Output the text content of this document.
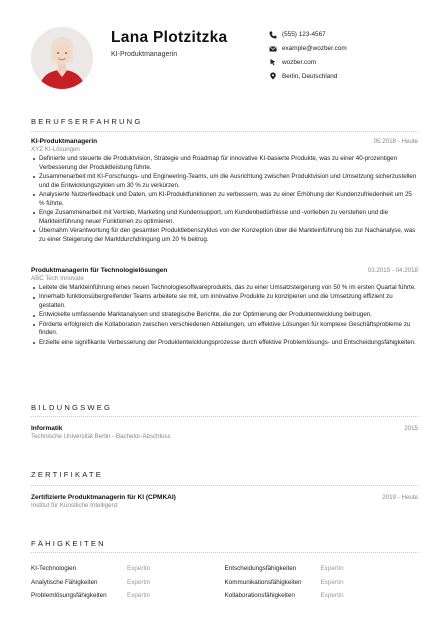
Lana Plotzitzka
KI-Produktmanagerin
(555) 123-4567
example@wozber.com
wozber.com
Berlin, Deutschland
BERUFSERFAHRUNG
KI-Produktmanagerin	05.2018 - Heute
XYZ KI-Lösungen
Definierte und steuerte die Produktvision, Strategie und Roadmap für innovative KI-basierte Produkte, was zu einer 40-prozentigen Verbesserung der Produktleistung führte.
Zusammenarbeit mit KI-Forschungs- und Engineering-Teams, um die Ausrichtung zwischen Produktvision und Umsetzung sicherzustellen und die Entwicklungszyklen um 30 % zu verkürzen.
Analysierte Nutzerfeedback und Daten, um KI-Produktfunktionen zu verbessern, was zu einer Erhöhung der Kundenzufriedenheit um 25 % führte.
Enge Zusammenarbeit mit Vertrieb, Marketing und Kundensupport, um Kundenbedürfnisse und -vorlieben zu verstehen und die Markteinführung neuer Funktionen zu optimieren.
Übernahm Verantwortung für den gesamten Produktlebenszyklus von der Konzeption über die Markteinführung bis zur Nachanalyse, was zu einer Steigerung der Marktdurchdringung um 20 % beitrug.
Produktmanagerin für Technologielösungen	03.2015 - 04.2018
ABC Tech Innovate
Leitete die Markteinführung eines neuen Technologiesoftwareprodukts, das zu einer Umsatzsteigerung von 50 % im ersten Quartal führte.
Innerhalb funktionsübergreifender Teams arbeitete sie mit, um innovative Produkte zu konzipieren und die Umsetzung effizient zu gestalten.
Entwickelte umfassende Marktanalysen und strategische Berichte, die zur Optimierung der Produktentwicklung beitrugen.
Förderte erfolgreich die Kollaboration zwischen verschiedenen Abteilungen, um effektive Lösungen für komplexe Geschäftsprobleme zu finden.
Erzielte eine signifikante Verbesserung der Produktentwicklungsprozesse durch effektive Problemlösungs- und Entscheidungsfähigkeiten.
BILDUNGSWEG
Informatik	2015
Technische Universität Berlin - Bachelor-Abschluss
ZERTIFIKATE
Zertifizierte Produktmanagerin für KI (CPMKAI)	2019 - Heute
Institut für Künstliche Intelligenz
FÄHIGKEITEN
KI-Technologien	Expertin	Entscheidungsfähigkeiten	Expertin
Analytische Fähigkeiten	Expertin	Kommunikationsfähigkeiten	Expertin
Problemlösungsfähigkeiten	Expertin	Kollaborationsfähigkeiten	Expertin
